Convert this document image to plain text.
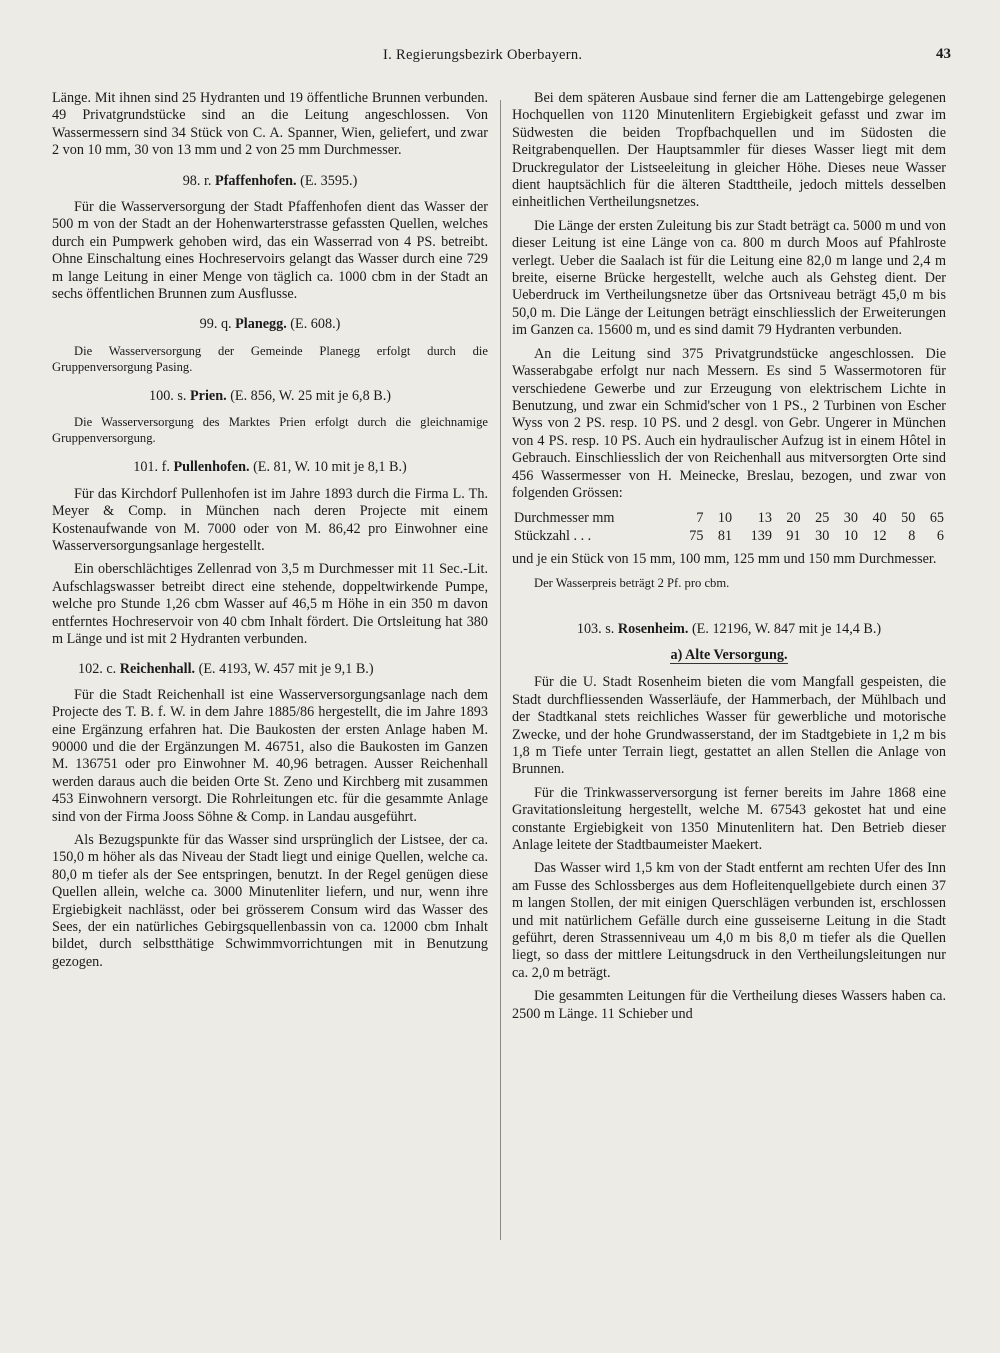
I. Regierungsbezirk Oberbayern.	43

Länge. Mit ihnen sind 25 Hydranten und 19 öffentliche Brunnen verbunden. 49 Privatgrundstücke sind an die Leitung angeschlossen. Von Wassermessern sind 34 Stück von C. A. Spanner, Wien, geliefert, und zwar 2 von 10 mm, 30 von 13 mm und 2 von 25 mm Durchmesser.

98. r. Pfaffenhofen. (E. 3595.)

Für die Wasserversorgung der Stadt Pfaffenhofen dient das Wasser der 500 m von der Stadt an der Hohenwarterstrasse gefassten Quellen, welches durch ein Pumpwerk gehoben wird, das ein Wasserrad von 4 PS. betreibt. Ohne Einschaltung eines Hochreservoirs gelangt das Wasser durch eine 729 m lange Leitung in einer Menge von täglich ca. 1000 cbm in der Stadt an sechs öffentlichen Brunnen zum Ausflusse.

99. q. Planegg. (E. 608.)

Die Wasserversorgung der Gemeinde Planegg erfolgt durch die Gruppenversorgung Pasing.

100. s. Prien. (E. 856, W. 25 mit je 6,8 B.)

Die Wasserversorgung des Marktes Prien erfolgt durch die gleichnamige Gruppenversorgung.

101. f. Pullenhofen. (E. 81, W. 10 mit je 8,1 B.)

Für das Kirchdorf Pullenhofen ist im Jahre 1893 durch die Firma L. Th. Meyer & Comp. in München nach deren Projecte mit einem Kostenaufwande von M. 7000 oder von M. 86,42 pro Einwohner eine Wasserversorgungsanlage hergestellt.

Ein oberschlächtiges Zellenrad von 3,5 m Durchmesser mit 11 Sec.-Lit. Aufschlagswasser betreibt direct eine stehende, doppeltwirkende Pumpe, welche pro Stunde 1,26 cbm Wasser auf 46,5 m Höhe in ein 350 m davon entferntes Hochreservoir von 40 cbm Inhalt fördert. Die Ortsleitung hat 380 m Länge und ist mit 2 Hydranten verbunden.

102. c. Reichenhall. (E. 4193, W. 457 mit je 9,1 B.)

Für die Stadt Reichenhall ist eine Wasserversorgungsanlage nach dem Projecte des T. B. f. W. in dem Jahre 1885/86 hergestellt, die im Jahre 1893 eine Ergänzung erfahren hat. Die Baukosten der ersten Anlage haben M. 90000 und die der Ergänzungen M. 46751, also die Baukosten im Ganzen M. 136751 oder pro Einwohner M. 40,96 betragen. Ausser Reichenhall werden daraus auch die beiden Orte St. Zeno und Kirchberg mit zusammen 453 Einwohnern versorgt. Die Rohrleitungen etc. für die gesammte Anlage sind von der Firma Jooss Söhne & Comp. in Landau ausgeführt.

Als Bezugspunkte für das Wasser sind ursprünglich der Listsee, der ca. 150,0 m höher als das Niveau der Stadt liegt und einige Quellen, welche ca. 80,0 m tiefer als der See entspringen, benutzt. In der Regel genügen diese Quellen allein, welche ca. 3000 Minutenliter liefern, und nur, wenn ihre Ergiebigkeit nachlässt, oder bei grösserem Consum wird das Wasser des Sees, der ein natürliches Gebirgsquellenbassin von ca. 12000 cbm Inhalt bildet, durch selbstthätige Schwimmvorrichtungen mit in Benutzung gezogen.

Bei dem späteren Ausbaue sind ferner die am Lattengebirge gelegenen Hochquellen von 1120 Minutenlitern Ergiebigkeit gefasst und zwar im Südwesten die beiden Tropfbachquellen und im Südosten die Reitgrabenquellen. Der Hauptsammler für dieses Wasser liegt mit dem Druckregulator der Listseeleitung in gleicher Höhe. Dieses neue Wasser dient hauptsächlich für die älteren Stadttheile, jedoch mittels desselben einheitlichen Vertheilungsnetzes.

Die Länge der ersten Zuleitung bis zur Stadt beträgt ca. 5000 m und von dieser Leitung ist eine Länge von ca. 800 m durch Moos auf Pfahlroste verlegt. Ueber die Saalach ist für die Leitung eine 82,0 m lange und 2,4 m breite, eiserne Brücke hergestellt, welche auch als Gehsteg dient. Der Ueberdruck im Vertheilungsnetze über das Ortsniveau beträgt 45,0 m bis 50,0 m. Die Länge der Leitungen beträgt einschliesslich der Erweiterungen im Ganzen ca. 15600 m, und es sind damit 79 Hydranten verbunden.

An die Leitung sind 375 Privatgrundstücke angeschlossen. Die Wasserabgabe erfolgt nur nach Messern. Es sind 5 Wassermotoren für verschiedene Gewerbe und zur Erzeugung von elektrischem Lichte in Benutzung, und zwar ein Schmid'scher von 1 PS., 2 Turbinen von Escher Wyss von 2 PS. resp. 10 PS. und 2 desgl. von Gebr. Ungerer in München von 4 PS. resp. 10 PS. Auch ein hydraulischer Aufzug ist in einem Hôtel in Gebrauch. Einschliesslich der von Reichenhall aus mitversorgten Orte sind 456 Wassermesser von H. Meinecke, Breslau, bezogen, und zwar von folgenden Grössen:

Durchmesser mm	7	10	13	20	25	30	40	50	65
Stückzahl . . .	75	81	139	91	30	10	12	8	6

und je ein Stück von 15 mm, 100 mm, 125 mm und 150 mm Durchmesser.

Der Wasserpreis beträgt 2 Pf. pro cbm.

103. s. Rosenheim. (E. 12196, W. 847 mit je 14,4 B.)
a) Alte Versorgung.

Für die U. Stadt Rosenheim bieten die vom Mangfall gespeisten, die Stadt durchfliessenden Wasserläufe, der Hammerbach, der Mühlbach und der Stadtkanal stets reichliches Wasser für gewerbliche und motorische Zwecke, und der hohe Grundwasserstand, der im Stadtgebiete in 1,2 m bis 1,8 m Tiefe unter Terrain liegt, gestattet an allen Stellen die Anlage von Brunnen.

Für die Trinkwasserversorgung ist ferner bereits im Jahre 1868 eine Gravitationsleitung hergestellt, welche M. 67543 gekostet hat und eine constante Ergiebigkeit von 1350 Minutenlitern hat. Den Betrieb dieser Anlage leitete der Stadtbaumeister Maekert.

Das Wasser wird 1,5 km von der Stadt entfernt am rechten Ufer des Inn am Fusse des Schlossberges aus dem Hofleitenquellgebiete durch einen 37 m langen Stollen, der mit einigen Querschlägen verbunden ist, erschlossen und mit natürlichem Gefälle durch eine gusseiserne Leitung in die Stadt geführt, deren Strassenniveau um 4,0 m bis 8,0 m tiefer als die Quellen liegt, so dass der mittlere Leitungsdruck in den Vertheilungsleitungen nur ca. 2,0 m beträgt.

Die gesammten Leitungen für die Vertheilung dieses Wassers haben ca. 2500 m Länge. 11 Schieber und
